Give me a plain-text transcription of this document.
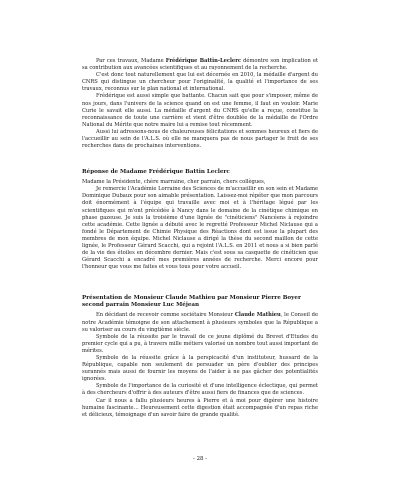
Par ces travaux, Madame Frédérique Battin-Leclerc démontre son implication et sa contribution aux avancées scientifiques et au rayonnement de la recherche.

C'est donc tout naturellement que lui est décernée en 2010, la médaille d'argent du CNRS qui distingue un chercheur pour l'originalité, la qualité et l'importance de ses travaux, reconnus sur le plan national et international.

Frédérique est aussi simple que battante. Chacun sait que pour s'imposer, même de nos jours, dans l'univers de la science quand on est une femme, il faut en vouloir. Marie Curie le savait elle aussi. La médaille d'argent du CNRS qu'elle a reçue, constitue la reconnaissance de toute une carrière et vient d'être doublée de la médaille de l'Ordre National du Mérite que notre maire lui a remise tout récemment.

Aussi lui adressons-nous de chaleureuses félicitations et sommes heureux et fiers de l'accueillir au sein de l'A.L.S. où elle ne manquera pas de nous partager le fruit de ses recherches dans de prochaines interventions.

Réponse de Madame Frédérique Battin Leclerc

Madame la Présidente, chère marraine, cher parrain, chers collègues,

Je remercie l'Académie Lorraine des Sciences de m'accueillir en son sein et Madame Dominique Dubaux pour son aimable présentation. Laissez-moi répéter que mon parcours doit énormément à l'équipe qui travaille avec moi et à l'héritage légué par les scientifiques qui m'ont précédée à Nancy dans le domaine de la cinétique chimique en phase gazeuse. Je suis la troisième d'une lignée de "cinéticiens" Nancéens à rejoindre cette académie. Cette lignée a débuté avec le regretté Professeur Michel Niclause qui a fondé le Département de Chimie Physique des Réactions dont est issue la plupart des membres de mon équipe. Michel Niclause a dirigé la thèse du second maillon de cette lignée, le Professeur Gérard Scacchi, qui a rejoint l'A.L.S. en 2011 et nous a si bien parlé de la vie des étoiles en décembre dernier. Mais c'est sous sa casquette de cinéticien que Gérard Scacchi a encadré mes premières années de recherche. Merci encore pour l'honneur que vous me faites et vous tous pour votre accueil.

Présentation de Monsieur Claude Mathieu par Monsieur Pierre Boyer
second parrain Monsieur Luc Méjean

En décidant de recevoir comme sociétaire Monsieur Claude Mathieu, le Conseil de notre Académie témoigne de son attachement à plusieurs symboles que la République a su valoriser au cours du vingtième siècle.

Symbole de la réussite par le travail de ce jeune diplômé du Brevet d'Etudes du premier cycle qui a pu, à travers mille métiers valorisé un nombre tout aussi important de mérites.

Symbole de la réussite grâce à la perspicacité d'un instituteur, hussard de la République, capable non seulement de persuader un père d'oublier des principes surannés mais aussi de fournir les moyens de l'aider à ne pas gâcher des potentialités ignorées.

Symbole de l'importance de la curiosité et d'une intelligence éclectique, qui permet à des chercheurs d'offrir à des auteurs d'être aussi fiers de finances que de sciences.

Car il nous a fallu plusieurs heures à Pierre et à moi pour digérer une histoire humaine fascinante… Heureusement cette digestion était accompagnée d'un repas riche et délicieux, témoignage d'un savoir faire de grande qualité.

- 28 -
